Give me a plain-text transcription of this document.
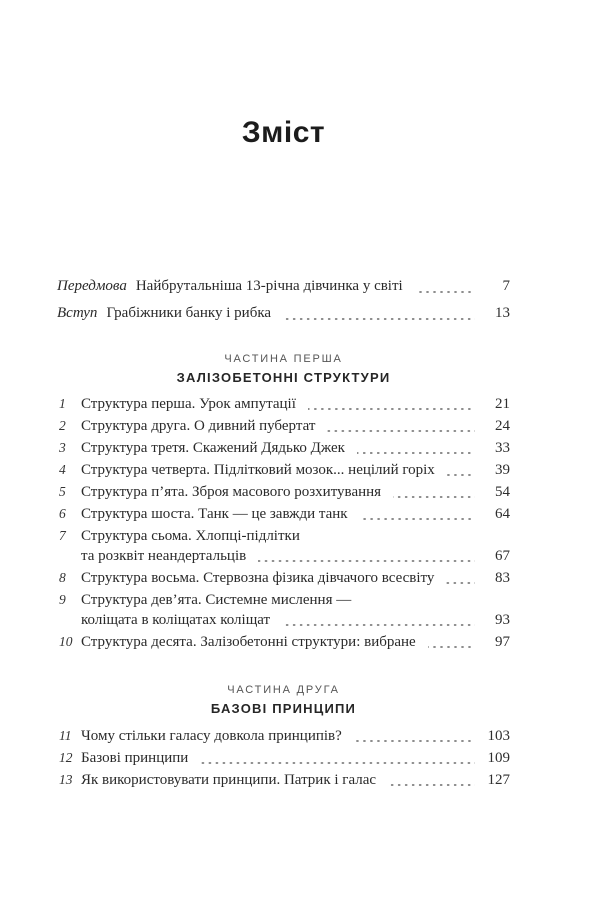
Зміст
Передмова Найбрутальніша 13-річна дівчинка у світі	7
Вступ Грабіжники банку і рибка	13
ЧАСТИНА ПЕРША
ЗАЛІЗОБЕТОННІ СТРУКТУРИ
1	Структура перша. Урок ампутації	21
2	Структура друга. О дивний пубертат	24
3	Структура третя. Скажений Дядько Джек	33
4	Структура четверта. Підлітковий мозок... нецілий горіх	39
5	Структура п’ята. Зброя масового розхитування	54
6	Структура шоста. Танк — це завжди танк	64
7	Структура сьома. Хлопці-підлітки
та розквіт неандертальців	67
8	Структура восьма. Стервозна фізика дівчачого всесвіту	83
9	Структура дев’ята. Системне мислення —
коліщата в коліщатах коліщат	93
10 Структура десята. Залізобетонні структури: вибране	97
ЧАСТИНА ДРУГА
БАЗОВІ ПРИНЦИПИ
11 Чому стільки галасу довкола принципів?	103
12 Базові принципи	109
13 Як використовувати принципи. Патрик і галас	127
